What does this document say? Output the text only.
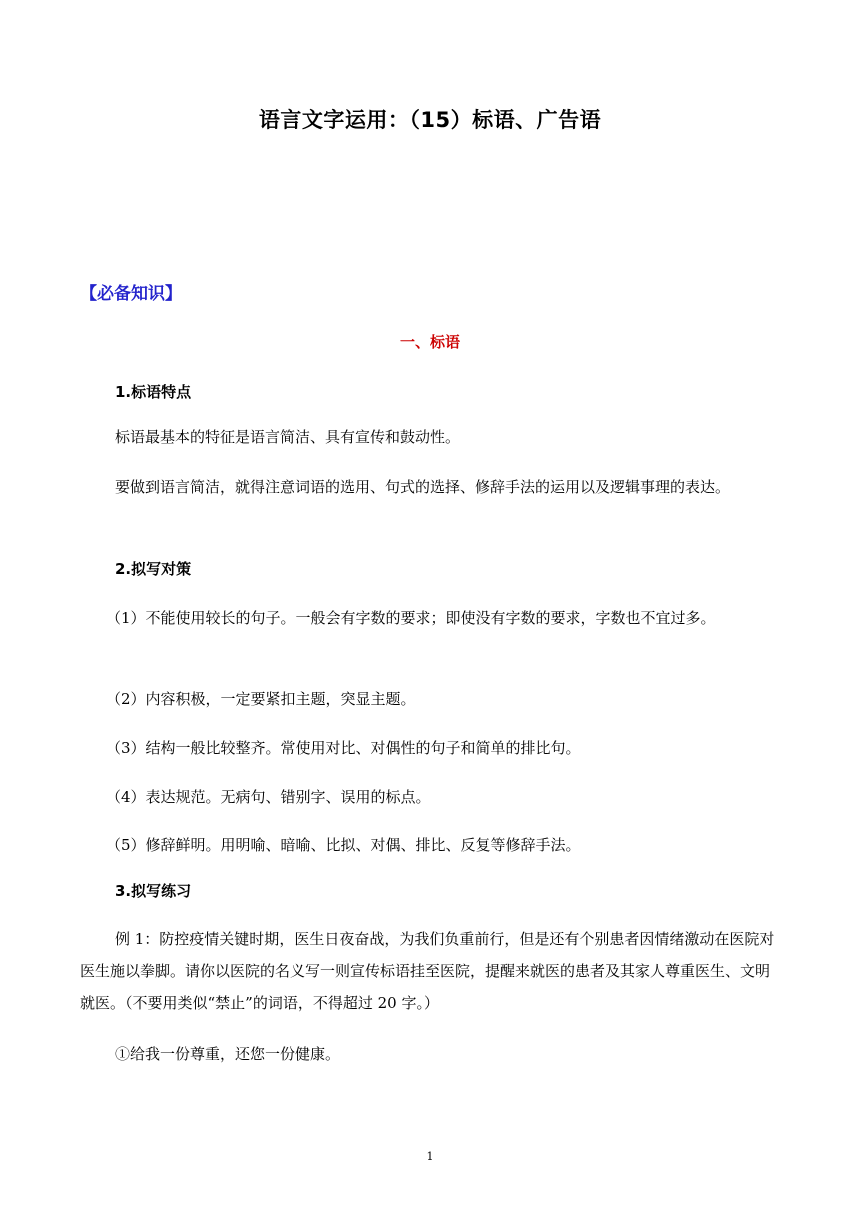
语言文字运用：（15）标语、广告语
【必备知识】
一、标语
1.标语特点
标语最基本的特征是语言简洁、具有宣传和鼓动性。
要做到语言简洁，就得注意词语的选用、句式的选择、修辞手法的运用以及逻辑事理的表达。
2.拟写对策
（1）不能使用较长的句子。一般会有字数的要求；即使没有字数的要求，字数也不宜过多。
（2）内容积极，一定要紧扣主题，突显主题。
（3）结构一般比较整齐。常使用对比、对偶性的句子和简单的排比句。
（4）表达规范。无病句、错别字、误用的标点。
（5）修辞鲜明。用明喻、暗喻、比拟、对偶、排比、反复等修辞手法。
3.拟写练习
例 1：防控疫情关键时期，医生日夜奋战，为我们负重前行，但是还有个别患者因情绪激动在医院对医生施以拳脚。请你以医院的名义写一则宣传标语挂至医院，提醒来就医的患者及其家人尊重医生、文明就医。（不要用类似“禁止”的词语，不得超过 20 字。）
①给我一份尊重，还您一份健康。
1
